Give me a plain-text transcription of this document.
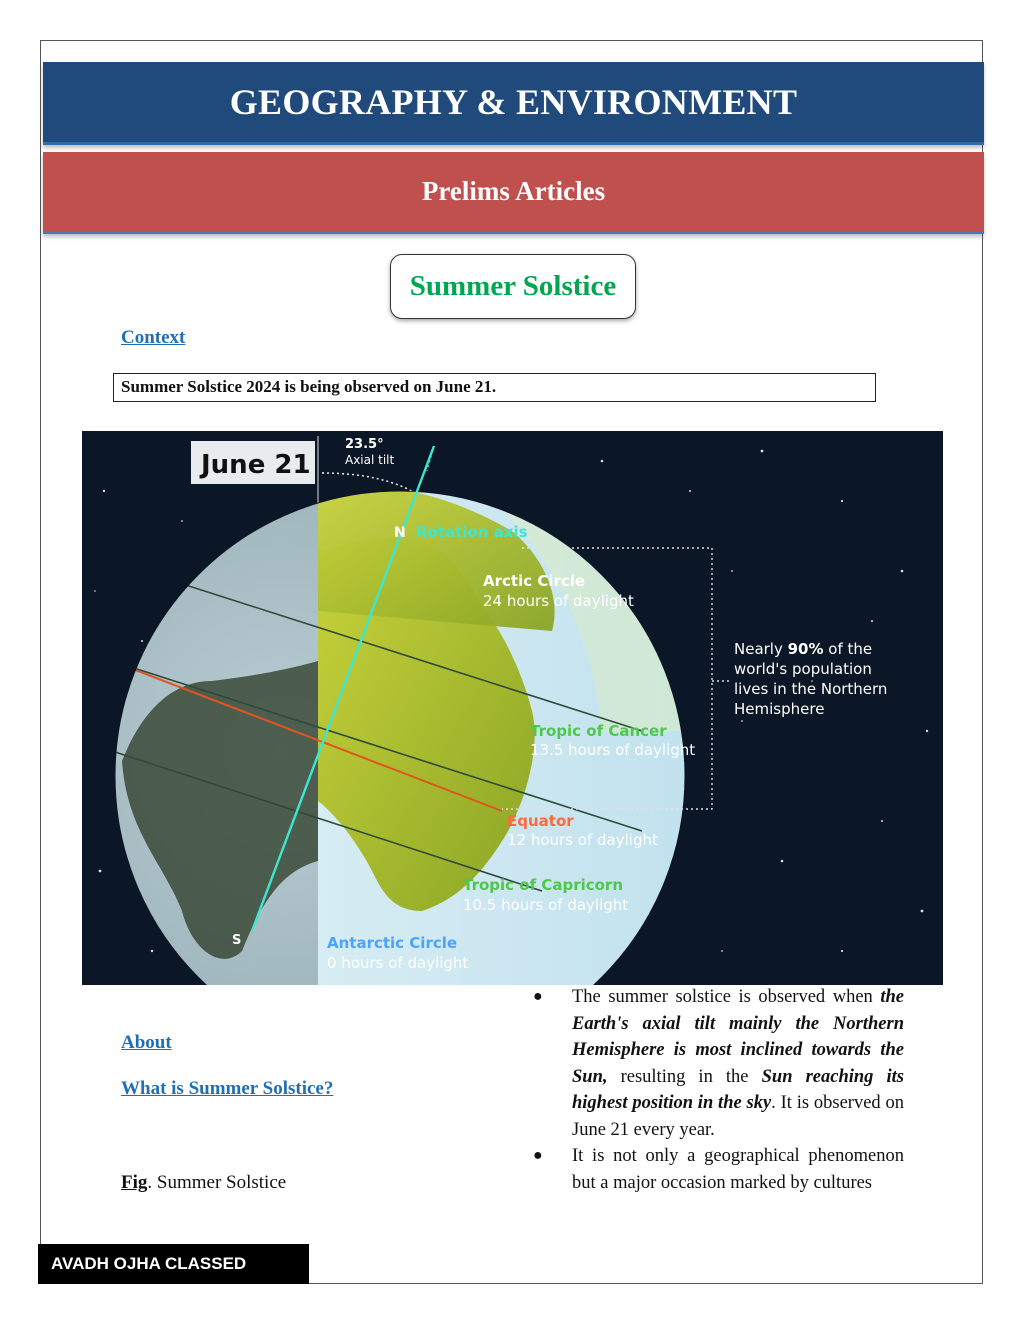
GEOGRAPHY & ENVIRONMENT
Prelims Articles
Summer Solstice
Context
Summer Solstice 2024 is being observed on June 21.
June 21
23.5°
Axial tilt
N Rotation axis
S
Arctic Circle
24 hours of daylight
Nearly 90% of the
world's population
lives in the Northern
Hemisphere
Tropic of Cancer
13.5 hours of daylight
Equator
12 hours of daylight
Tropic of Capricorn
10.5 hours of daylight
Antarctic Circle
0 hours of daylight
About
What is Summer Solstice?
Fig. Summer Solstice
● The summer solstice is observed when the Earth's axial tilt mainly the Northern Hemisphere is most inclined towards the Sun, resulting in the Sun reaching its highest position in the sky. It is observed on June 21 every year.
● It is not only a geographical phenomenon but a major occasion marked by cultures
AVADH OJHA CLASSED
